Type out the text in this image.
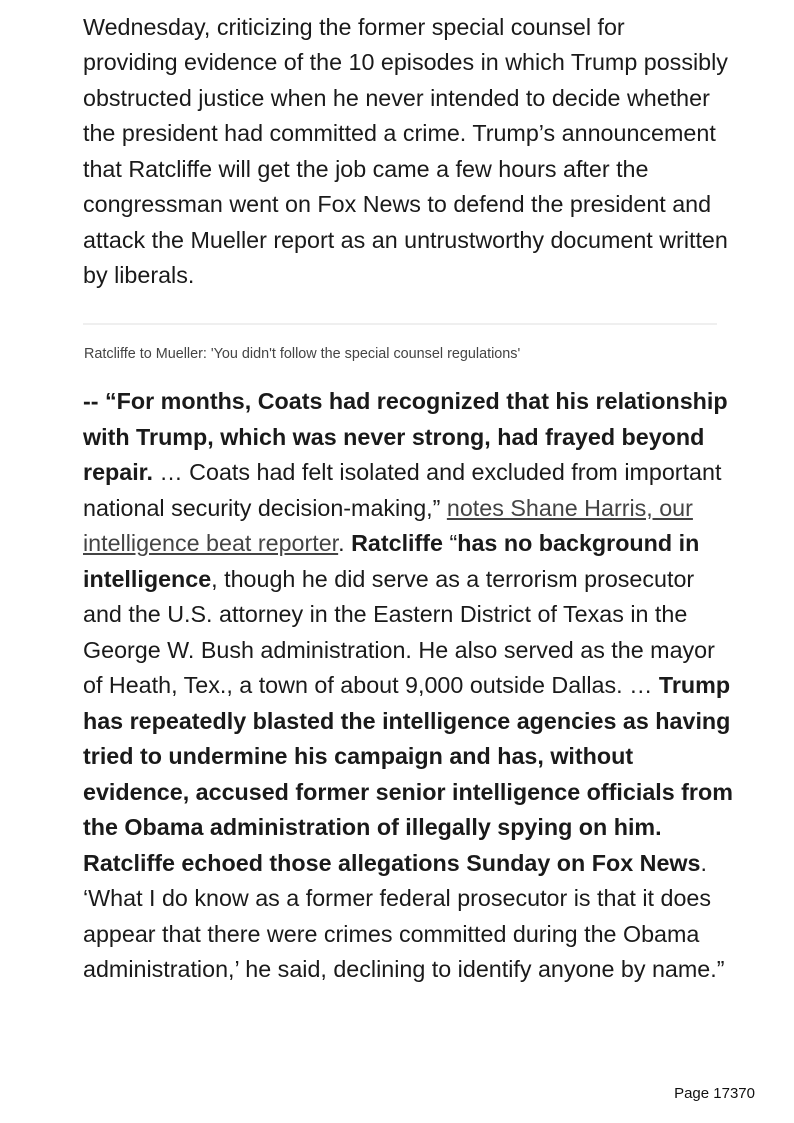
Wednesday, criticizing the former special counsel for
providing evidence of the 10 episodes in which Trump possibly obstructed justice when he never intended to decide whether the president had committed a crime. Trump’s announcement that Ratcliffe will get the job came a few hours after the congressman went on Fox News to defend the president and attack the Mueller report as an untrustworthy document written by liberals.

Ratcliffe to Mueller: 'You didn't follow the special counsel regulations'

-- “For months, Coats had recognized that his relationship with Trump, which was never strong, had frayed beyond repair. … Coats had felt isolated and excluded from important national security decision-making,” notes Shane Harris, our intelligence beat reporter. Ratcliffe “has no background in intelligence, though he did serve as a terrorism prosecutor and the U.S. attorney in the Eastern District of Texas in the George W. Bush administration. He also served as the mayor of Heath, Tex., a town of about 9,000 outside Dallas. … Trump has repeatedly blasted the intelligence agencies as having tried to undermine his campaign and has, without evidence, accused former senior intelligence officials from the Obama administration of illegally spying on him. Ratcliffe echoed those allegations Sunday on Fox News. ‘What I do know as a former federal prosecutor is that it does appear that there were crimes committed during the Obama administration,’ he said, declining to identify anyone by name.”

Page 17370
